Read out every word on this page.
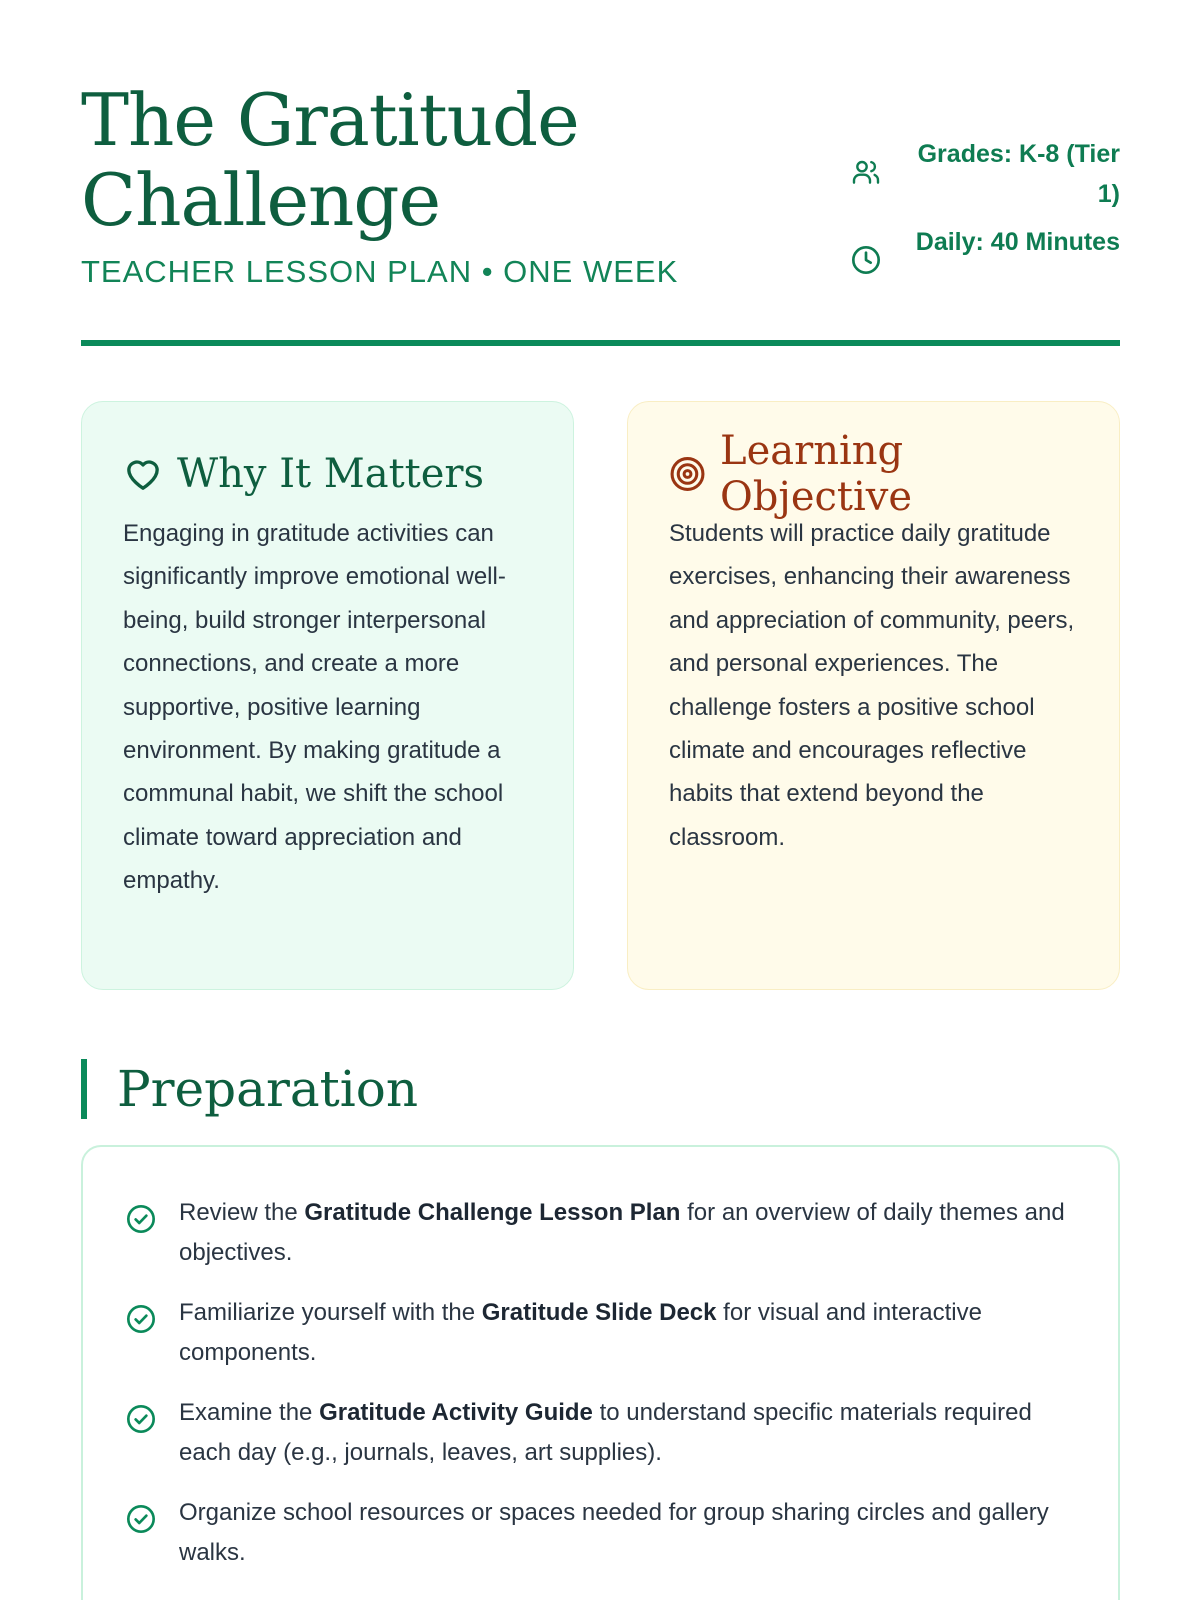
The Gratitude
Challenge
TEACHER LESSON PLAN • ONE WEEK
Grades: K-8 (Tier 1)
Daily: 40 Minutes
Why It Matters

Engaging in gratitude activities can significantly improve emotional well-being, build stronger interpersonal connections, and create a more supportive, positive learning environment. By making gratitude a communal habit, we shift the school climate toward appreciation and empathy.

Learning Objective

Students will practice daily gratitude exercises, enhancing their awareness and appreciation of community, peers, and personal experiences. The challenge fosters a positive school climate and encourages reflective habits that extend beyond the classroom.

Preparation
Review the Gratitude Challenge Lesson Plan for an overview of daily themes and objectives.
Familiarize yourself with the Gratitude Slide Deck for visual and interactive components.
Examine the Gratitude Activity Guide to understand specific materials required each day (e.g., journals, leaves, art supplies).
Organize school resources or spaces needed for group sharing circles and gallery walks.
